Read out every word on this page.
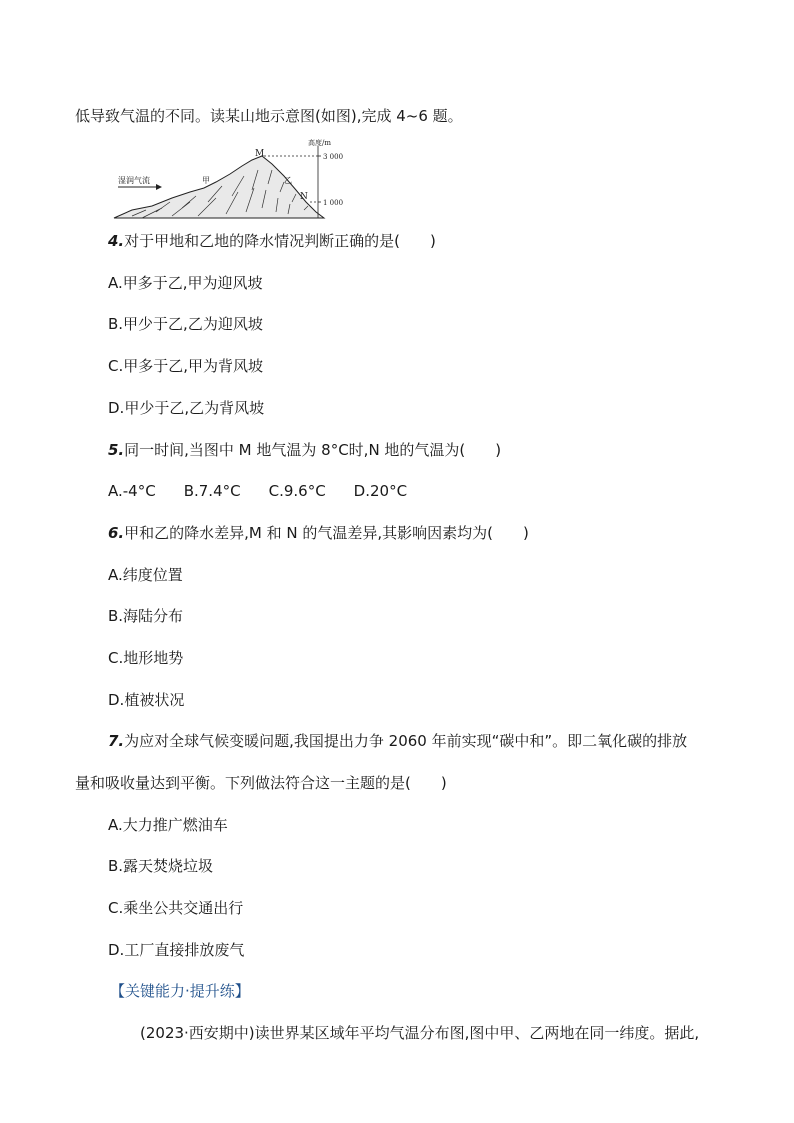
低导致气温的不同。读某山地示意图(如图),完成 4~6 题。
湿润气流
M
高度/m
3 000
1 000
甲	乙
N
4.对于甲地和乙地的降水情况判断正确的是(　　)
A.甲多于乙,甲为迎风坡
B.甲少于乙,乙为迎风坡
C.甲多于乙,甲为背风坡
D.甲少于乙,乙为背风坡
5.同一时间,当图中 M 地气温为 8°C时,N 地的气温为(　　)
A.-4°C B.7.4°C C.9.6°C D.20°C
6.甲和乙的降水差异,M 和 N 的气温差异,其影响因素均为(　　)
A.纬度位置
B.海陆分布
C.地形地势
D.植被状况
7.为应对全球气候变暖问题,我国提出力争 2060 年前实现“碳中和”。即二氧化碳的排放
量和吸收量达到平衡。下列做法符合这一主题的是(　　)
A.大力推广燃油车
B.露天焚烧垃圾
C.乘坐公共交通出行
D.工厂直接排放废气
【关键能力·提升练】
(2023·西安期中)读世界某区域年平均气温分布图,图中甲、乙两地在同一纬度。据此,
